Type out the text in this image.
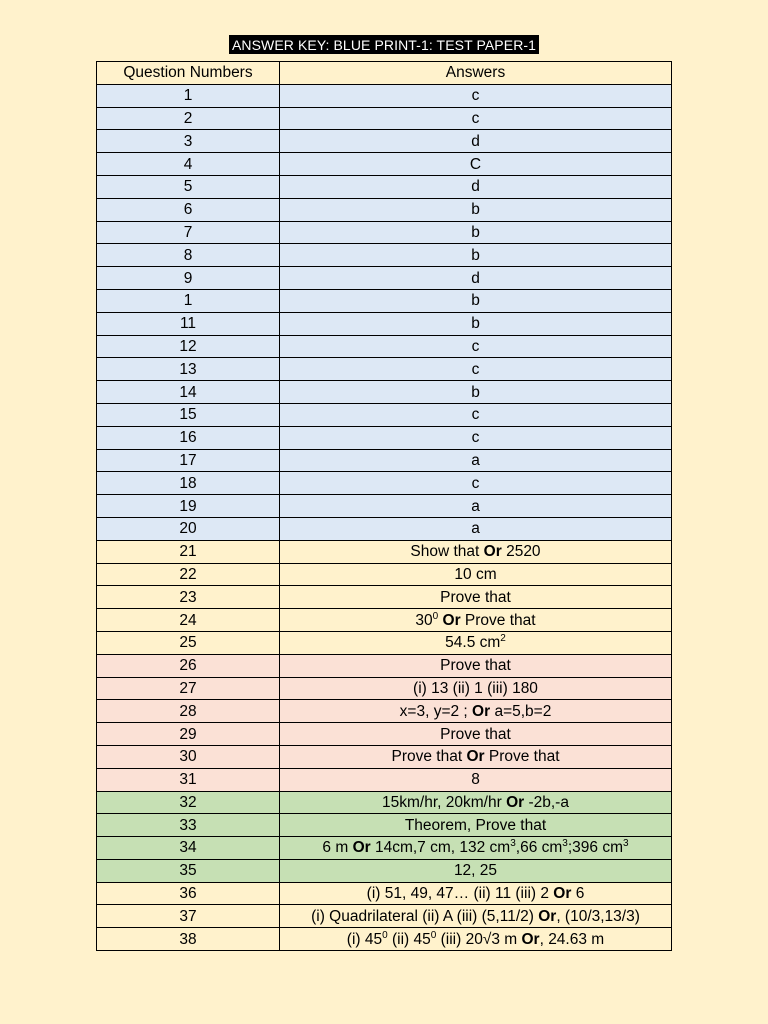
ANSWER KEY: BLUE PRINT-1: TEST PAPER-1
Question Numbers	Answers
1	c
2	c
3	d
4	C
5	d
6	b
7	b
8	b
9	d
1	b
11	b
12	c
13	c
14	b
15	c
16	c
17	a
18	c
19	a
20	a
21	Show that Or 2520
22	10 cm
23	Prove that
24	$30^0$ Or Prove that
25	54.5 $cm^2$
26	Prove that
27	(i) 13 (ii) 1 (iii) 180
28	x=3, y=2 ; Or a=5,b=2
29	Prove that
30	Prove that Or Prove that
31	8
32	15km/hr, 20km/hr Or -2b,-a
33	Theorem, Prove that
34	6 m Or 14cm,7 cm, 132 $cm^3,66$ $cm^3;396$ $cm^3$
35	12, 25
36	(i) 51, 49, 47… (ii) 11 (iii) 2 Or 6
37	(i) Quadrilateral (ii) A (iii) (5,11/2) Or, (10/3,13/3)
38	(i) $45^0$ (ii) $45^0$ (iii) 20√3 m Or, 24.63 m
